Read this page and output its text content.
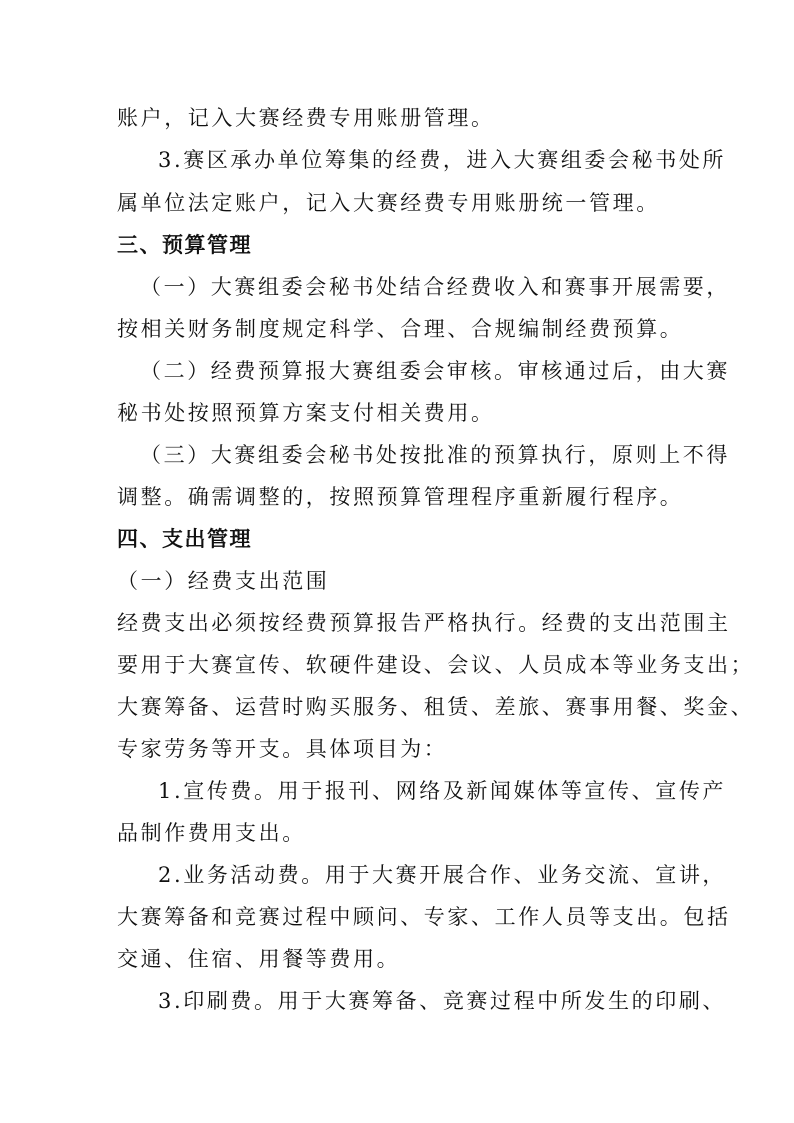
账户，记入大赛经费专用账册管理。
3.赛区承办单位筹集的经费，进入大赛组委会秘书处所
属单位法定账户，记入大赛经费专用账册统一管理。
三、预算管理
（一）大赛组委会秘书处结合经费收入和赛事开展需要，
按相关财务制度规定科学、合理、合规编制经费预算。
（二）经费预算报大赛组委会审核。审核通过后，由大赛
秘书处按照预算方案支付相关费用。
（三）大赛组委会秘书处按批准的预算执行，原则上不得
调整。确需调整的，按照预算管理程序重新履行程序。
四、支出管理
（一）经费支出范围
经费支出必须按经费预算报告严格执行。经费的支出范围主
要用于大赛宣传、软硬件建设、会议、人员成本等业务支出；
大赛筹备、运营时购买服务、租赁、差旅、赛事用餐、奖金、
专家劳务等开支。具体项目为：
1.宣传费。用于报刊、网络及新闻媒体等宣传、宣传产
品制作费用支出。
2.业务活动费。用于大赛开展合作、业务交流、宣讲，
大赛筹备和竞赛过程中顾问、专家、工作人员等支出。包括
交通、住宿、用餐等费用。
3.印刷费。用于大赛筹备、竞赛过程中所发生的印刷、
